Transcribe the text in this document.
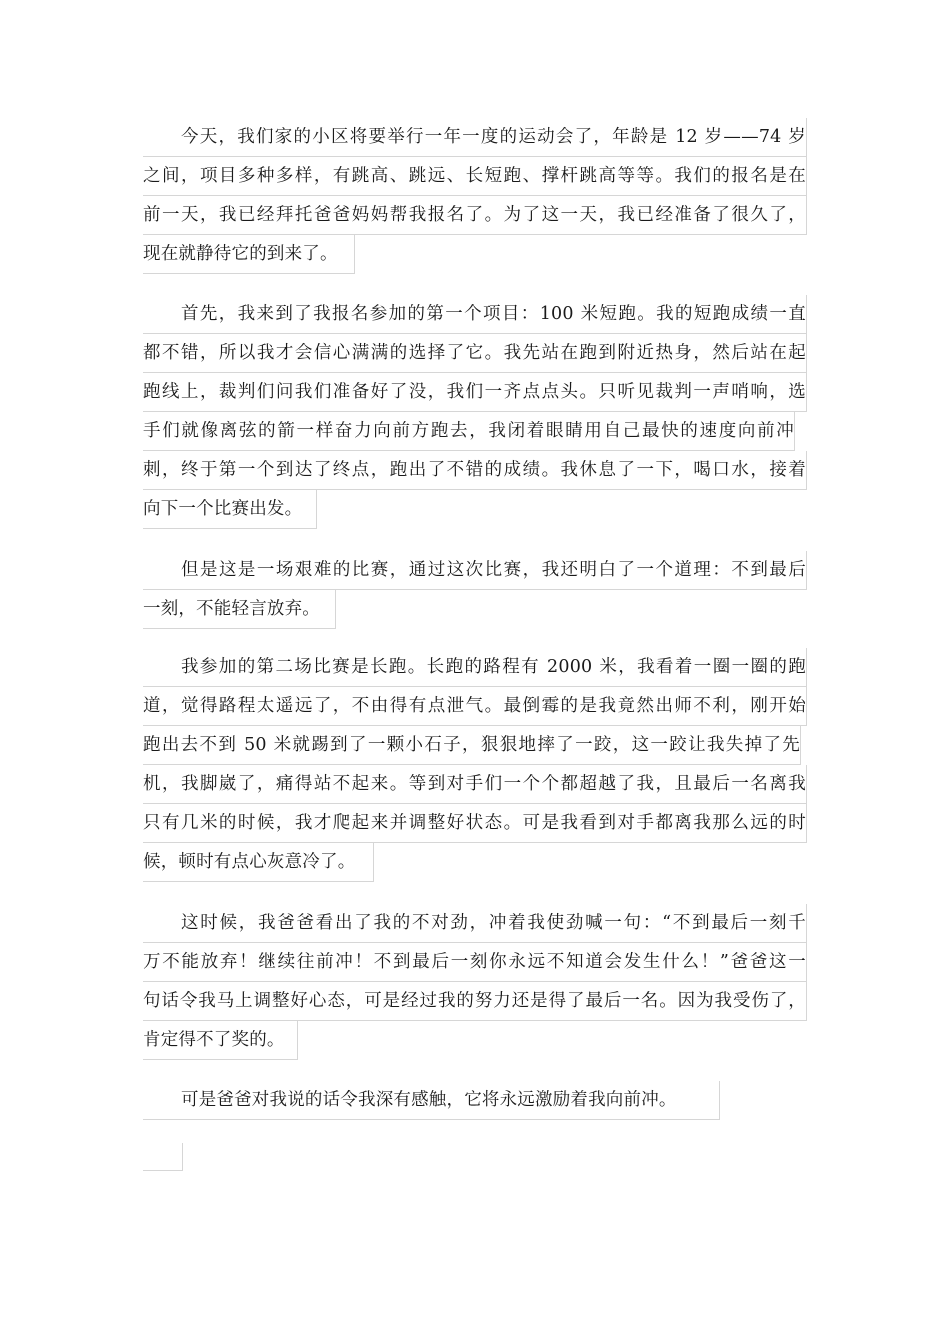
今天，我们家的小区将要举行一年一度的运动会了，年龄是 12 岁——74 岁
之间，项目多种多样，有跳高、跳远、长短跑、撑杆跳高等等。我们的报名是在
前一天，我已经拜托爸爸妈妈帮我报名了。为了这一天，我已经准备了很久了，
现在就静待它的到来了。
首先，我来到了我报名参加的第一个项目：100 米短跑。我的短跑成绩一直
都不错，所以我才会信心满满的选择了它。我先站在跑到附近热身，然后站在起
跑线上，裁判们问我们准备好了没，我们一齐点点头。只听见裁判一声哨响，选
手们就像离弦的箭一样奋力向前方跑去，我闭着眼睛用自己最快的速度向前冲
刺，终于第一个到达了终点，跑出了不错的成绩。我休息了一下，喝口水，接着
向下一个比赛出发。
但是这是一场艰难的比赛，通过这次比赛，我还明白了一个道理：不到最后
一刻，不能轻言放弃。
我参加的第二场比赛是长跑。长跑的路程有 2000 米，我看着一圈一圈的跑
道，觉得路程太遥远了，不由得有点泄气。最倒霉的是我竟然出师不利，刚开始
跑出去不到 50 米就踢到了一颗小石子，狠狠地摔了一跤，这一跤让我失掉了先
机，我脚崴了，痛得站不起来。等到对手们一个个都超越了我，且最后一名离我
只有几米的时候，我才爬起来并调整好状态。可是我看到对手都离我那么远的时
候，顿时有点心灰意冷了。
这时候，我爸爸看出了我的不对劲，冲着我使劲喊一句：“不到最后一刻千
万不能放弃！继续往前冲！不到最后一刻你永远不知道会发生什么！”爸爸这一
句话令我马上调整好心态，可是经过我的努力还是得了最后一名。因为我受伤了，
肯定得不了奖的。
可是爸爸对我说的话令我深有感触，它将永远激励着我向前冲。
